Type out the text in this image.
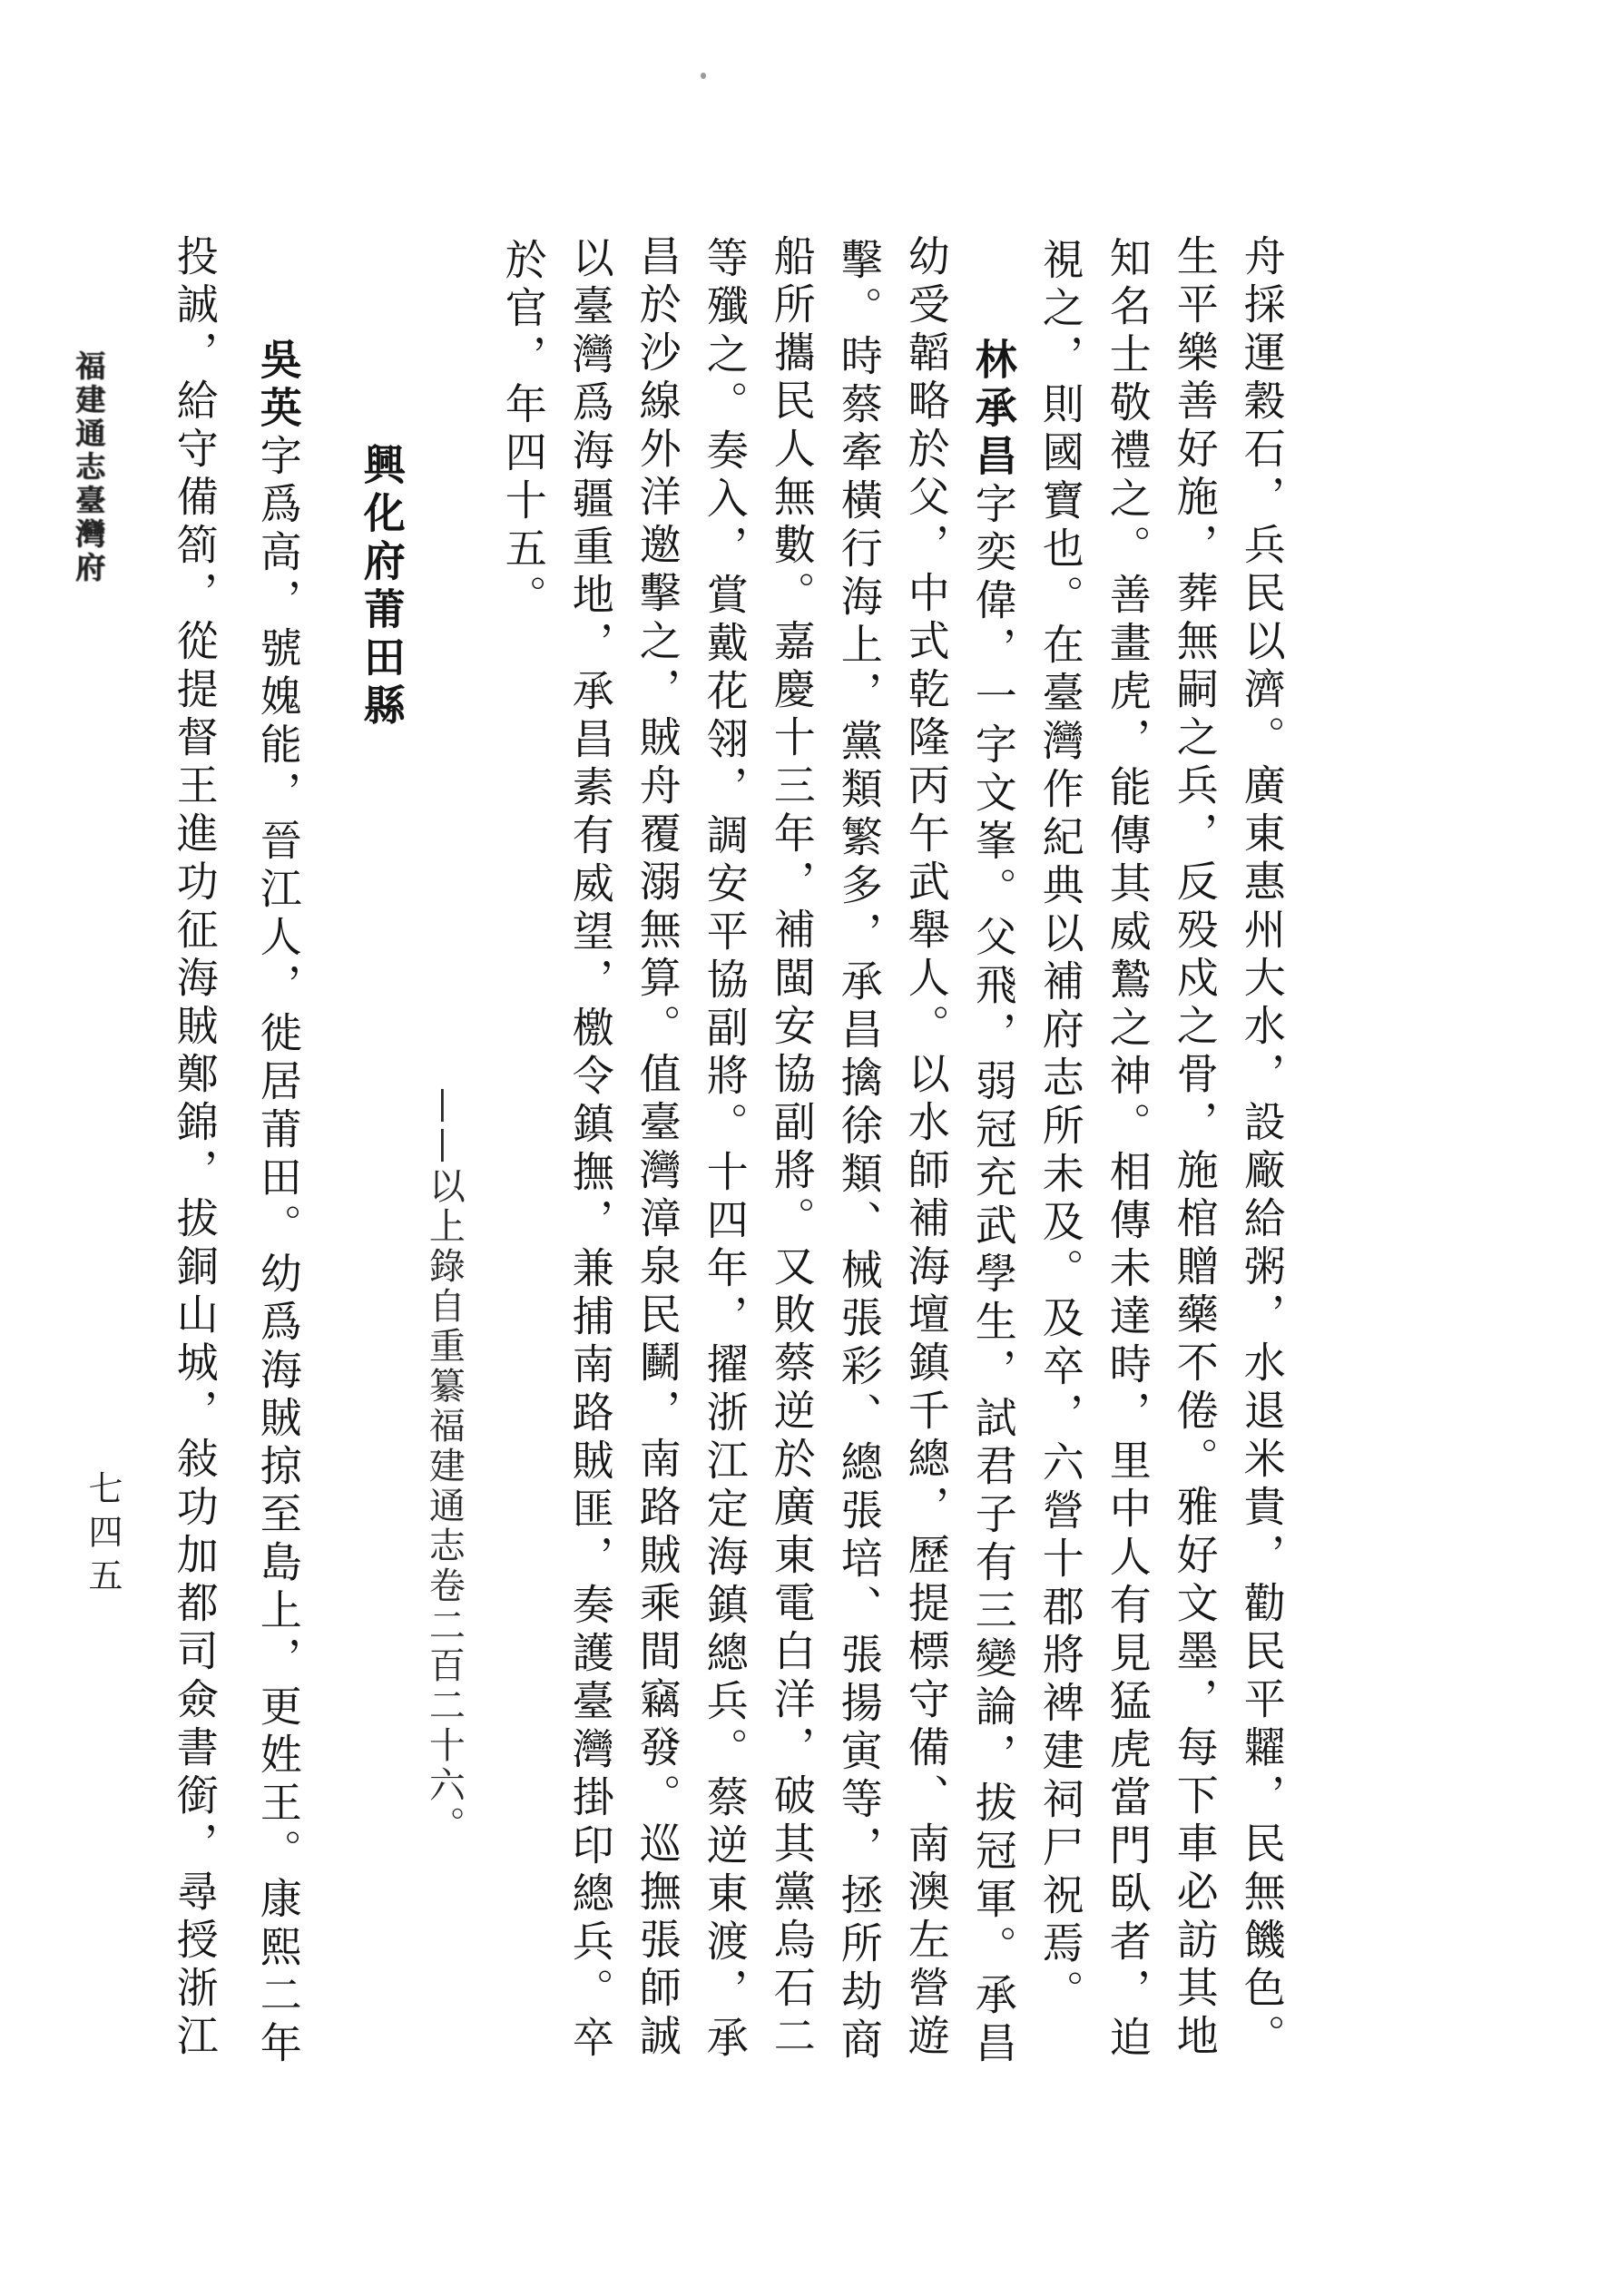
福建通志臺灣府
七四五	舟採運穀石，兵民以濟。廣東惠州大水，設廠給粥，水退米貴，勸民平糶，民無饑色。
生平樂善好施，葬無嗣之兵，反殁戍之骨，施棺贈藥不倦。雅好文墨，每下車必訪其地
知名士敬禮之。善畫虎，能傳其威鷙之神。相傳未達時，里中人有見猛虎當門臥者，迫
視之，則國寶也。在臺灣作紀典以補府志所未及。及卒，六營十郡將裨建祠尸祝焉。
林承昌字奕偉，一字文峯。父飛，弱冠充武學生，試君子有三變論，拔冠軍。承昌
幼受韜略於父，中式乾隆丙午武舉人。以水師補海壇鎮千總，歷提標守備、南澳左營遊
擊。時蔡牽橫行海上，黨類繁多，承昌擒徐類、械張彩、總張培、張揚寅等，拯所劫商
船所攜民人無數。嘉慶十三年，補閩安協副將。又敗蔡逆於廣東電白洋，破其黨烏石二
等殲之。奏入，賞戴花翎，調安平協副將。十四年，擢浙江定海鎮總兵。蔡逆東渡，承
昌於沙線外洋邀擊之，賊舟覆溺無算。值臺灣漳泉民鬭，南路賊乘間竊發。巡撫張師誠
以臺灣爲海疆重地，承昌素有威望，檄令鎮撫，兼捕南路賊匪，奏護臺灣掛印總兵。卒
於官，年四十五。
——以上錄自重纂福建通志卷二百二十六。
興化府莆田縣
吳英字爲高，號媿能，晉江人，徙居莆田。幼爲海賊掠至島上，更姓王。康熙二年
投誠，給守備箚，從提督王進功征海賊鄭錦，拔銅山城，敍功加都司僉書銜，尋授浙江
